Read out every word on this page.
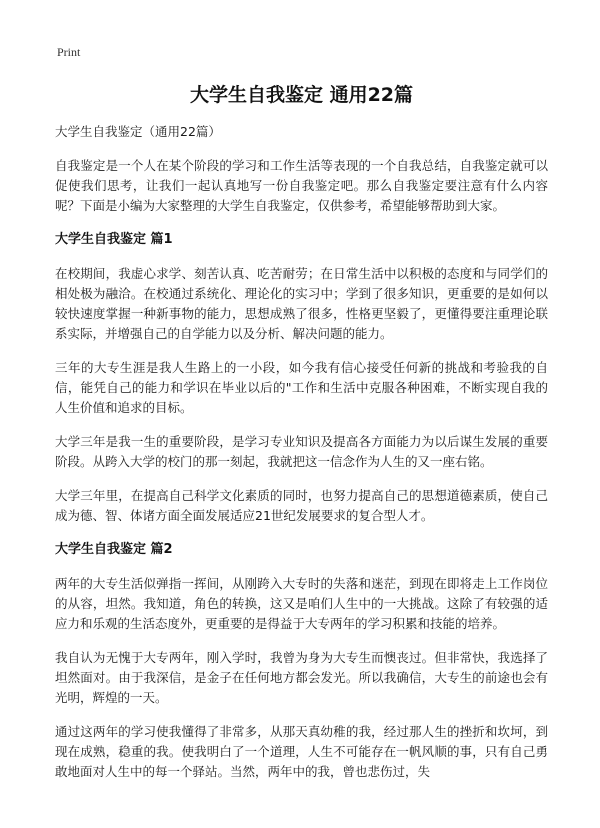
Print
大学生自我鉴定 通用22篇

大学生自我鉴定（通用22篇）

自我鉴定是一个人在某个阶段的学习和工作生活等表现的一个自我总结，自我鉴定就可以促使我们思考，让我们一起认真地写一份自我鉴定吧。那么自我鉴定要注意有什么内容呢？下面是小编为大家整理的大学生自我鉴定，仅供参考，希望能够帮助到大家。

大学生自我鉴定 篇1

在校期间，我虚心求学、刻苦认真、吃苦耐劳；在日常生活中以积极的态度和与同学们的相处极为融洽。在校通过系统化、理论化的实习中；学到了很多知识，更重要的是如何以较快速度掌握一种新事物的能力，思想成熟了很多，性格更坚毅了，更懂得要注重理论联系实际，并增强自己的自学能力以及分析、解决问题的能力。

三年的大专生涯是我人生路上的一小段，如今我有信心接受任何新的挑战和考验我的自信，能凭自己的能力和学识在毕业以后的"工作和生活中克服各种困难，不断实现自我的人生价值和追求的目标。

大学三年是我一生的重要阶段，是学习专业知识及提高各方面能力为以后谋生发展的重要阶段。从跨入大学的校门的那一刻起，我就把这一信念作为人生的又一座右铭。

大学三年里，在提高自己科学文化素质的同时，也努力提高自己的思想道德素质，使自己成为德、智、体诸方面全面发展适应21世纪发展要求的复合型人才。

大学生自我鉴定 篇2

两年的大专生活似弹指一挥间，从刚跨入大专时的失落和迷茫，到现在即将走上工作岗位的从容，坦然。我知道，角色的转换，这又是咱们人生中的一大挑战。这除了有较强的适应力和乐观的生活态度外，更重要的是得益于大专两年的学习积累和技能的培养。

我自认为无愧于大专两年，刚入学时，我曾为身为大专生而懊丧过。但非常快，我选择了坦然面对。由于我深信，是金子在任何地方都会发光。所以我确信，大专生的前途也会有光明，辉煌的一天。

通过这两年的学习使我懂得了非常多，从那天真幼稚的我，经过那人生的挫折和坎坷，到现在成熟，稳重的我。使我明白了一个道理，人生不可能存在一帆风顺的事，只有自己勇敢地面对人生中的每一个驿站。当然，两年中的我，曾也悲伤过，失
